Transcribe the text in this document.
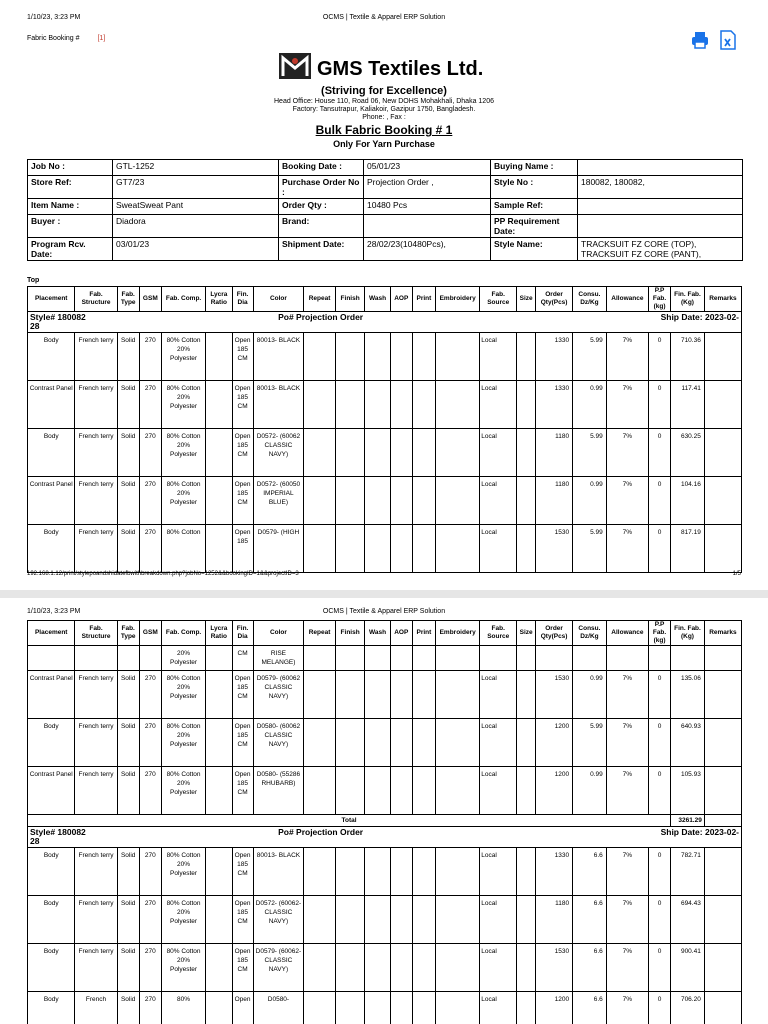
1/10/23, 3:23 PM	OCMS | Textile & Apparel ERP Solution
Fabric Booking #	[1]
GMS Textiles Ltd.
(Striving for Excellence)
Head Office: House 110, Road 06, New DOHS Mohakhali, Dhaka 1206
Factory: Tansutrapur, Kaliakoir, Gazipur 1750, Bangladesh.
Phone: , Fax :
Bulk Fabric Booking # 1
Only For Yarn Purchase
Job No :	GTL-1252	Booking Date :	05/01/23	Buying Name :	
Store Ref:	GT7/23	Purchase Order No :	Projection Order ,	Style No :	180082, 180082,
Item Name :	SweatSweat Pant	Order Qty :	10480 Pcs	Sample Ref:	
Buyer :	Diadora	Brand:		PP Requirement Date:	
Program Rcv. Date:	03/01/23	Shipment Date:	28/02/23(10480Pcs),	Style Name:	TRACKSUIT FZ CORE (TOP), TRACKSUIT FZ CORE (PANT),
Top
Placement	Fab. Structure	Fab. Type	GSM	Fab. Comp.	Lycra Ratio	Fin. Dia	Color	Repeat	Finish	Wash	AOP	Print	Embroidery	Fab. Source	Size	Order Qty(Pcs)	Consu. Dz/Kg	Allowance	P.P Fab. (kg)	Fin. Fab. (Kg)	Remarks

Style# 180082
28				Po# Projection Order										Ship Date: 2023-02-							
Body	French terry	Solid	270	80% Cotton 20% Polyester		Open 185 CM	80013- BLACK							Local		1330	5.99	7%	0	710.36	
Contrast Panel	French terry	Solid	270	80% Cotton 20% Polyester		Open 185 CM	80013- BLACK							Local		1330	0.99	7%	0	117.41	
Body	French terry	Solid	270	80% Cotton 20% Polyester		Open 185 CM	D0572- (60062 CLASSIC NAVY)							Local		1180	5.99	7%	0	630.25	
Contrast Panel	French terry	Solid	270	80% Cotton 20% Polyester		Open 185 CM	D0572- (60050 IMPERIAL BLUE)							Local		1180	0.99	7%	0	104.16	
Body	French terry	Solid	270	80% Cotton		Open 185	D0579- (HIGH							Local		1530	5.99	7%	0	817.19	
192.168.1.12/print/stylepoandshidatefbwithbreakdown.php?jobNo=1252&&bookingID=1&&projectID=3	1/5
1/10/23, 3:23 PM	OCMS | Textile & Apparel ERP Solution
Placement	Fab. Structure	Fab. Type	GSM	Fab. Comp.	Lycra Ratio	Fin. Dia	Color	Repeat	Finish	Wash	AOP	Print	Embroidery	Fab. Source	Size	Order Qty(Pcs)	Consu. Dz/Kg	Allowance	P.P Fab. (kg)	Fin. Fab. (Kg)	Remarks
				20% Polyester		CM	RISE MELANGE)														
Contrast Panel	French terry	Solid	270	80% Cotton 20% Polyester		Open 185 CM	D0579- (60062 CLASSIC NAVY)							Local		1530	0.99	7%	0	135.06	
Body	French terry	Solid	270	80% Cotton 20% Polyester		Open 185 CM	D0580- (60062 CLASSIC NAVY)							Local		1200	5.99	7%	0	640.93	
Contrast Panel	French terry	Solid	270	80% Cotton 20% Polyester		Open 185 CM	D0580- (55286 RHUBARB)							Local		1200	0.99	7%	0	105.93	
Total																				3261.29	

Style# 180082
28				Po# Projection Order										Ship Date: 2023-02-							
Body	French terry	Solid	270	80% Cotton 20% Polyester		Open 185 CM	80013- BLACK							Local		1330	6.6	7%	0	782.71	
Body	French terry	Solid	270	80% Cotton 20% Polyester		Open 185 CM	D0572- (60062- CLASSIC NAVY)							Local		1180	6.6	7%	0	694.43	
Body	French terry	Solid	270	80% Cotton 20% Polyester		Open 185 CM	D0579- (60062- CLASSIC NAVY)							Local		1530	6.6	7%	0	900.41	
Body	French	Solid	270	80%		Open	D0580-							Local		1200	6.6	7%	0	706.20	
